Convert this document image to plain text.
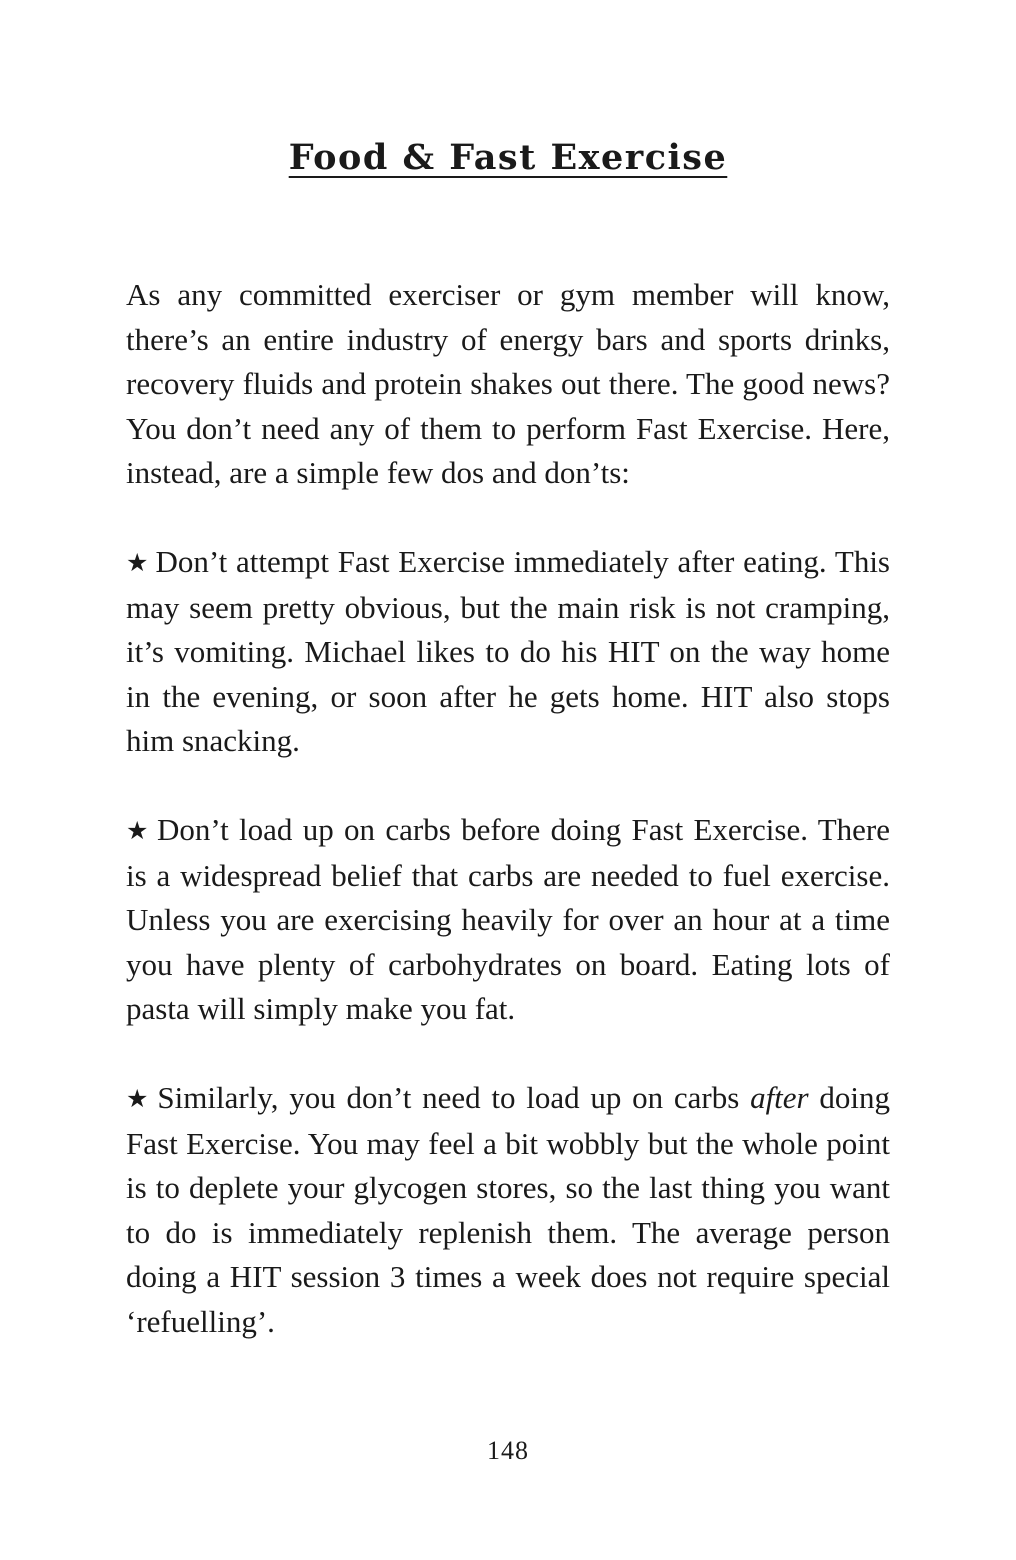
Food & Fast Exercise

As any committed exerciser or gym member will know, there’s an entire industry of energy bars and sports drinks, recovery fluids and protein shakes out there. The good news? You don’t need any of them to perform Fast Exercise. Here, instead, are a simple few dos and don’ts:

★ Don’t attempt Fast Exercise immediately after eating. This may seem pretty obvious, but the main risk is not cramping, it’s vomiting. Michael likes to do his HIT on the way home in the evening, or soon after he gets home. HIT also stops him snacking.

★ Don’t load up on carbs before doing Fast Exercise. There is a widespread belief that carbs are needed to fuel exercise. Unless you are exercising heavily for over an hour at a time you have plenty of carbohydrates on board. Eating lots of pasta will simply make you fat.

★ Similarly, you don’t need to load up on carbs after doing Fast Exercise. You may feel a bit wobbly but the whole point is to deplete your glycogen stores, so the last thing you want to do is immediately replenish them. The average person doing a HIT session 3 times a week does not require special ‘refuelling’.

148
